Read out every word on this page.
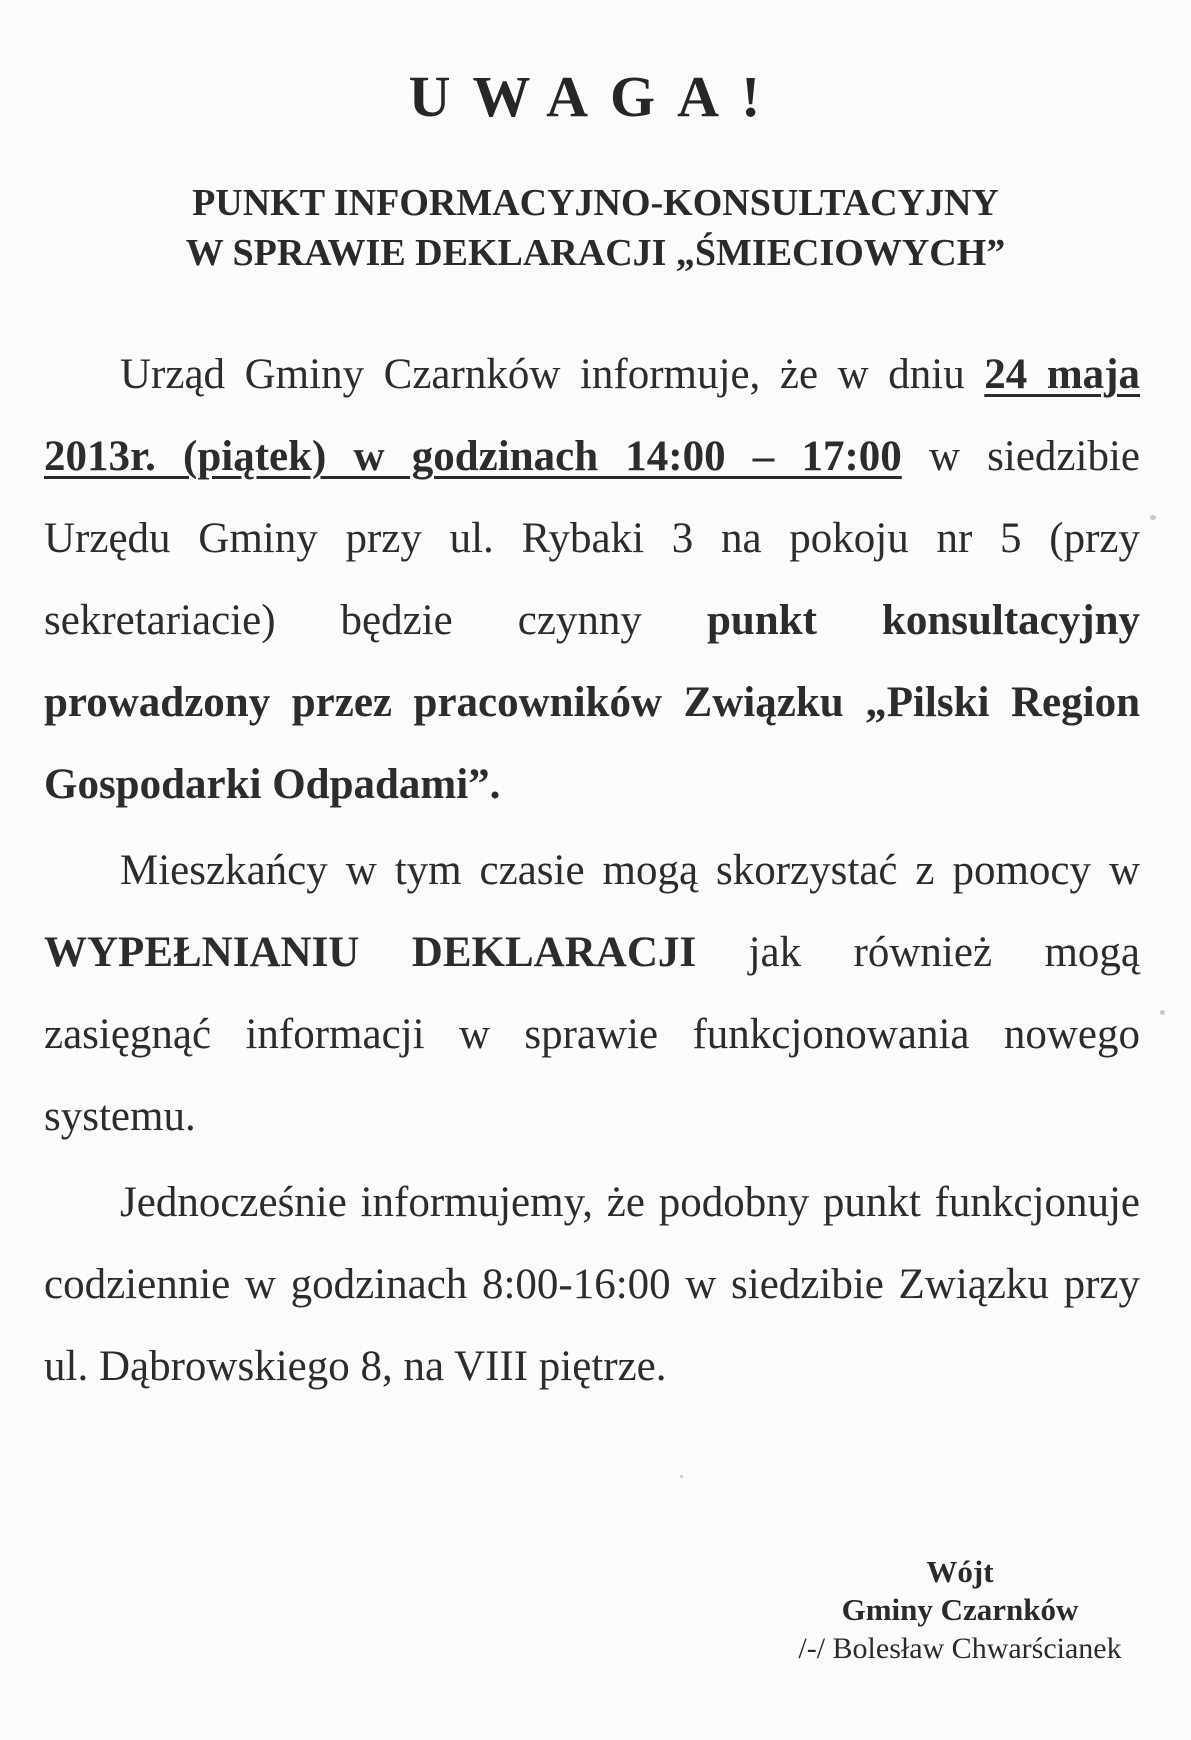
UWAGA!
PUNKT INFORMACYJNO-KONSULTACYJNY
W SPRAWIE DEKLARACJI „ŚMIECIOWYCH”

Urząd Gminy Czarnków informuje, że w dniu 24 maja 2013r. (piątek) w godzinach 14:00 – 17:00 w siedzibie Urzędu Gminy przy ul. Rybaki 3 na pokoju nr 5 (przy sekretariacie) będzie czynny punkt konsultacyjny prowadzony przez pracowników Związku „Pilski Region Gospodarki Odpadami”.

Mieszkańcy w tym czasie mogą skorzystać z pomocy w WYPEŁNIANIU DEKLARACJI jak również mogą zasięgnąć informacji w sprawie funkcjonowania nowego systemu.

Jednocześnie informujemy, że podobny punkt funkcjonuje codziennie w godzinach 8:00-16:00 w siedzibie Związku przy ul. Dąbrowskiego 8, na VIII piętrze.

Wójt
Gminy Czarnków
/-/ Bolesław Chwarścianek
